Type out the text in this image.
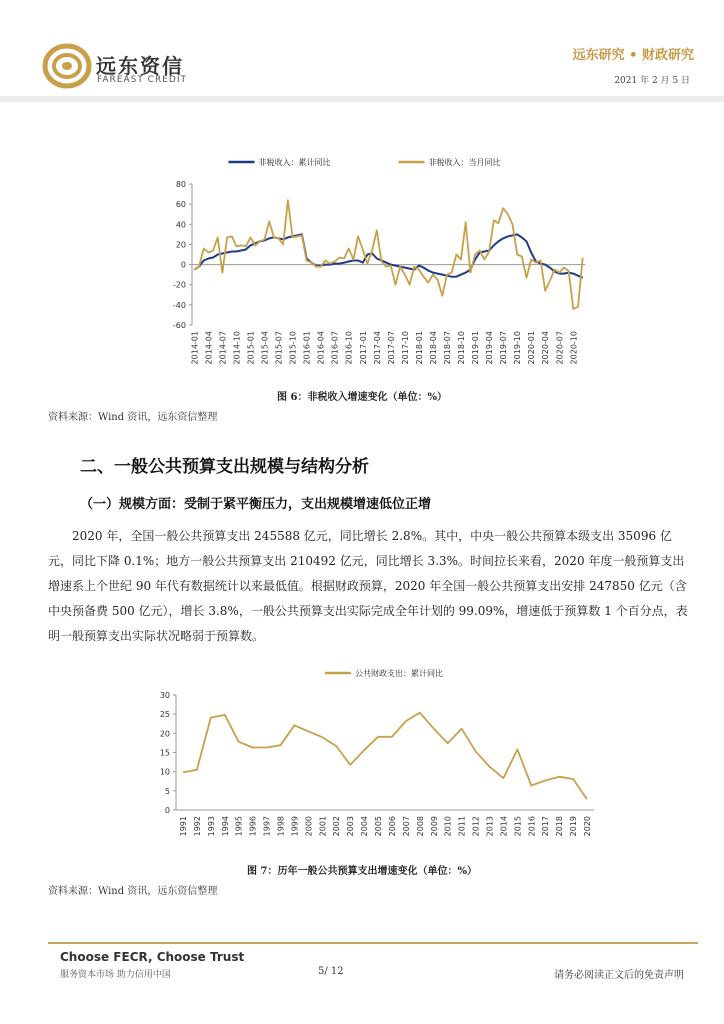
远东资信
FAREAST CREDIT
远东研究 • 财政研究
2021 年 2 月 5 日
-60
-40
-20
0
20
40
60
80
2014-01 2014-04 2014-07 2014-10 2015-01 2015-04 2015-07 2015-10 2016-01 2016-04 2016-07 2016-10 2017-01 2017-04 2017-07 2017-10 2018-01 2018-04 2018-07 2018-10 2019-01 2019-04 2019-07 2019-10 2020-01 2020-04 2020-07 2020-10
非税收入：累计同比	非税收入：当月同比
图 6：非税收入增速变化（单位：%）
资料来源：Wind 资讯，远东资信整理
二、一般公共预算支出规模与结构分析
（一）规模方面：受制于紧平衡压力，支出规模增速低位正增
2020 年，全国一般公共预算支出 245588 亿元，同比增长 2.8%。其中，中央一般公共预算本级支出 35096 亿元，同比下降 0.1%；地方一般公共预算支出 210492 亿元，同比增长 3.3%。时间拉长来看，2020 年度一般预算支出增速系上个世纪 90 年代有数据统计以来最低值。根据财政预算，2020 年全国一般公共预算支出安排 247850 亿元（含中央预备费 500 亿元），增长 3.8%，一般公共预算支出实际完成全年计划的 99.09%，增速低于预算数 1 个百分点，表明一般预算支出实际状况略弱于预算数。
0
5
10
15
20
25
30
1991 1992 1993 1994 1995 1996 1997 1998 1999 2000 2001 2002 2003 2004 2005 2006 2007 2008 2009 2010 2011 2012 2013 2014 2015 2016 2017 2018 2019 2020
公共财政支出：累计同比
图 7：历年一般公共预算支出增速变化（单位：%）
资料来源：Wind 资讯，远东资信整理
Choose FECR, Choose Trust
服务资本市场 助力信用中国	5/ 12	请务必阅读正文后的免责声明
